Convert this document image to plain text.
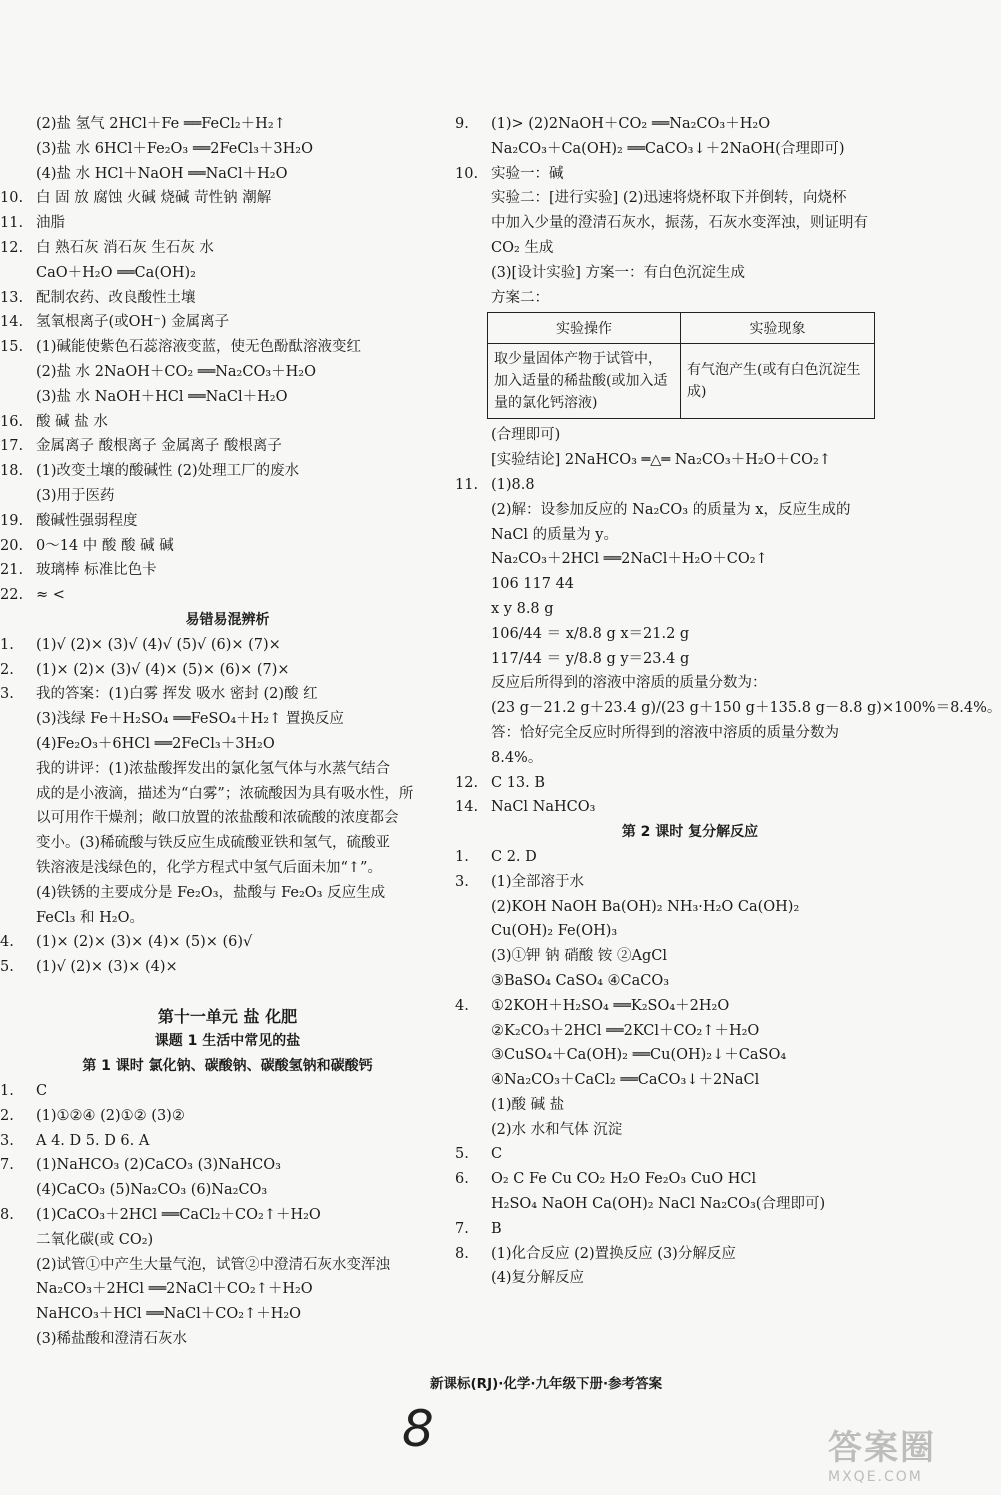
(2)盐 氢气 2HCl＋Fe ══FeCl₂＋H₂↑
(3)盐 水 6HCl＋Fe₂O₃ ══2FeCl₃＋3H₂O
(4)盐 水 HCl＋NaOH ══NaCl＋H₂O
10. 白 固 放 腐蚀 火碱 烧碱 苛性钠 潮解
11. 油脂
12. 白 熟石灰 消石灰 生石灰 水
CaO＋H₂O ══Ca(OH)₂
13. 配制农药、改良酸性土壤
14. 氢氧根离子(或OH⁻) 金属离子
15. (1)碱能使紫色石蕊溶液变蓝，使无色酚酞溶液变红
(2)盐 水 2NaOH＋CO₂ ══Na₂CO₃＋H₂O
(3)盐 水 NaOH＋HCl ══NaCl＋H₂O
16. 酸 碱 盐 水
17. 金属离子 酸根离子 金属离子 酸根离子
18. (1)改变土壤的酸碱性 (2)处理工厂的废水
(3)用于医药
19. 酸碱性强弱程度
20. 0～14 中 酸 酸 碱 碱
21. 玻璃棒 标准比色卡
22. ≈ <
易错易混辨析
1. (1)√ (2)× (3)√ (4)√ (5)√ (6)× (7)×
2. (1)× (2)× (3)√ (4)× (5)× (6)× (7)×
3. 我的答案：(1)白雾 挥发 吸水 密封 (2)酸 红
(3)浅绿 Fe＋H₂SO₄ ══FeSO₄＋H₂↑ 置换反应
(4)Fe₂O₃＋6HCl ══2FeCl₃＋3H₂O
我的讲评：(1)浓盐酸挥发出的氯化氢气体与水蒸气结合
成的是小液滴，描述为“白雾”；浓硫酸因为具有吸水性，所
以可用作干燥剂；敞口放置的浓盐酸和浓硫酸的浓度都会
变小。(3)稀硫酸与铁反应生成硫酸亚铁和氢气，硫酸亚
铁溶液是浅绿色的，化学方程式中氢气后面未加“↑”。
(4)铁锈的主要成分是 Fe₂O₃，盐酸与 Fe₂O₃ 反应生成
FeCl₃ 和 H₂O。
4. (1)× (2)× (3)× (4)× (5)× (6)√
5. (1)√ (2)× (3)× (4)×
第十一单元 盐 化肥
课题 1 生活中常见的盐
第 1 课时 氯化钠、碳酸钠、碳酸氢钠和碳酸钙
1. C
2. (1)①②④ (2)①② (3)②
3. A 4. D 5. D 6. A
7. (1)NaHCO₃ (2)CaCO₃ (3)NaHCO₃
(4)CaCO₃ (5)Na₂CO₃ (6)Na₂CO₃
8. (1)CaCO₃＋2HCl ══CaCl₂＋CO₂↑＋H₂O
二氧化碳(或 CO₂)
(2)试管①中产生大量气泡，试管②中澄清石灰水变浑浊
Na₂CO₃＋2HCl ══2NaCl＋CO₂↑＋H₂O
NaHCO₃＋HCl ══NaCl＋CO₂↑＋H₂O
(3)稀盐酸和澄清石灰水
9. (1)> (2)2NaOH＋CO₂ ══Na₂CO₃＋H₂O
Na₂CO₃＋Ca(OH)₂ ══CaCO₃↓＋2NaOH(合理即可)
10. 实验一：碱
实验二：[进行实验] (2)迅速将烧杯取下并倒转，向烧杯
中加入少量的澄清石灰水，振荡，石灰水变浑浊，则证明有
CO₂ 生成
(3)[设计实验] 方案一：有白色沉淀生成
方案二：
实验操作	实验现象
取少量固体产物于试管中，加入适量的稀盐酸(或加入适量的氯化钙溶液)	有气泡产生(或有白色沉淀生成)
(合理即可)
[实验结论] 2NaHCO₃ ═△═ Na₂CO₃＋H₂O＋CO₂↑
11. (1)8.8
(2)解：设参加反应的 Na₂CO₃ 的质量为 x，反应生成的
NaCl 的质量为 y。
Na₂CO₃＋2HCl ══2NaCl＋H₂O＋CO₂↑
106 117 44
x y 8.8 g
106/44 ＝ x/8.8 g x＝21.2 g
117/44 ＝ y/8.8 g y＝23.4 g
反应后所得到的溶液中溶质的质量分数为：
(23 g－21.2 g＋23.4 g)/(23 g＋150 g＋135.8 g－8.8 g)×100%＝8.4%。
答：恰好完全反应时所得到的溶液中溶质的质量分数为
8.4%。
12. C 13. B
14. NaCl NaHCO₃
第 2 课时 复分解反应
1. C 2. D
3. (1)全部溶于水
(2)KOH NaOH Ba(OH)₂ NH₃·H₂O Ca(OH)₂
Cu(OH)₂ Fe(OH)₃
(3)①钾 钠 硝酸 铵 ②AgCl
③BaSO₄ CaSO₄ ④CaCO₃
4. ①2KOH＋H₂SO₄ ══K₂SO₄＋2H₂O
②K₂CO₃＋2HCl ══2KCl＋CO₂↑＋H₂O
③CuSO₄＋Ca(OH)₂ ══Cu(OH)₂↓＋CaSO₄
④Na₂CO₃＋CaCl₂ ══CaCO₃↓＋2NaCl
(1)酸 碱 盐
(2)水 水和气体 沉淀
5. C
6. O₂ C Fe Cu CO₂ H₂O Fe₂O₃ CuO HCl
H₂SO₄ NaOH Ca(OH)₂ NaCl Na₂CO₃(合理即可)
7. B
8. (1)化合反应 (2)置换反应 (3)分解反应
(4)复分解反应
新课标(RJ)·化学·九年级下册·参考答案
8	答案圈
MXQE.COM
